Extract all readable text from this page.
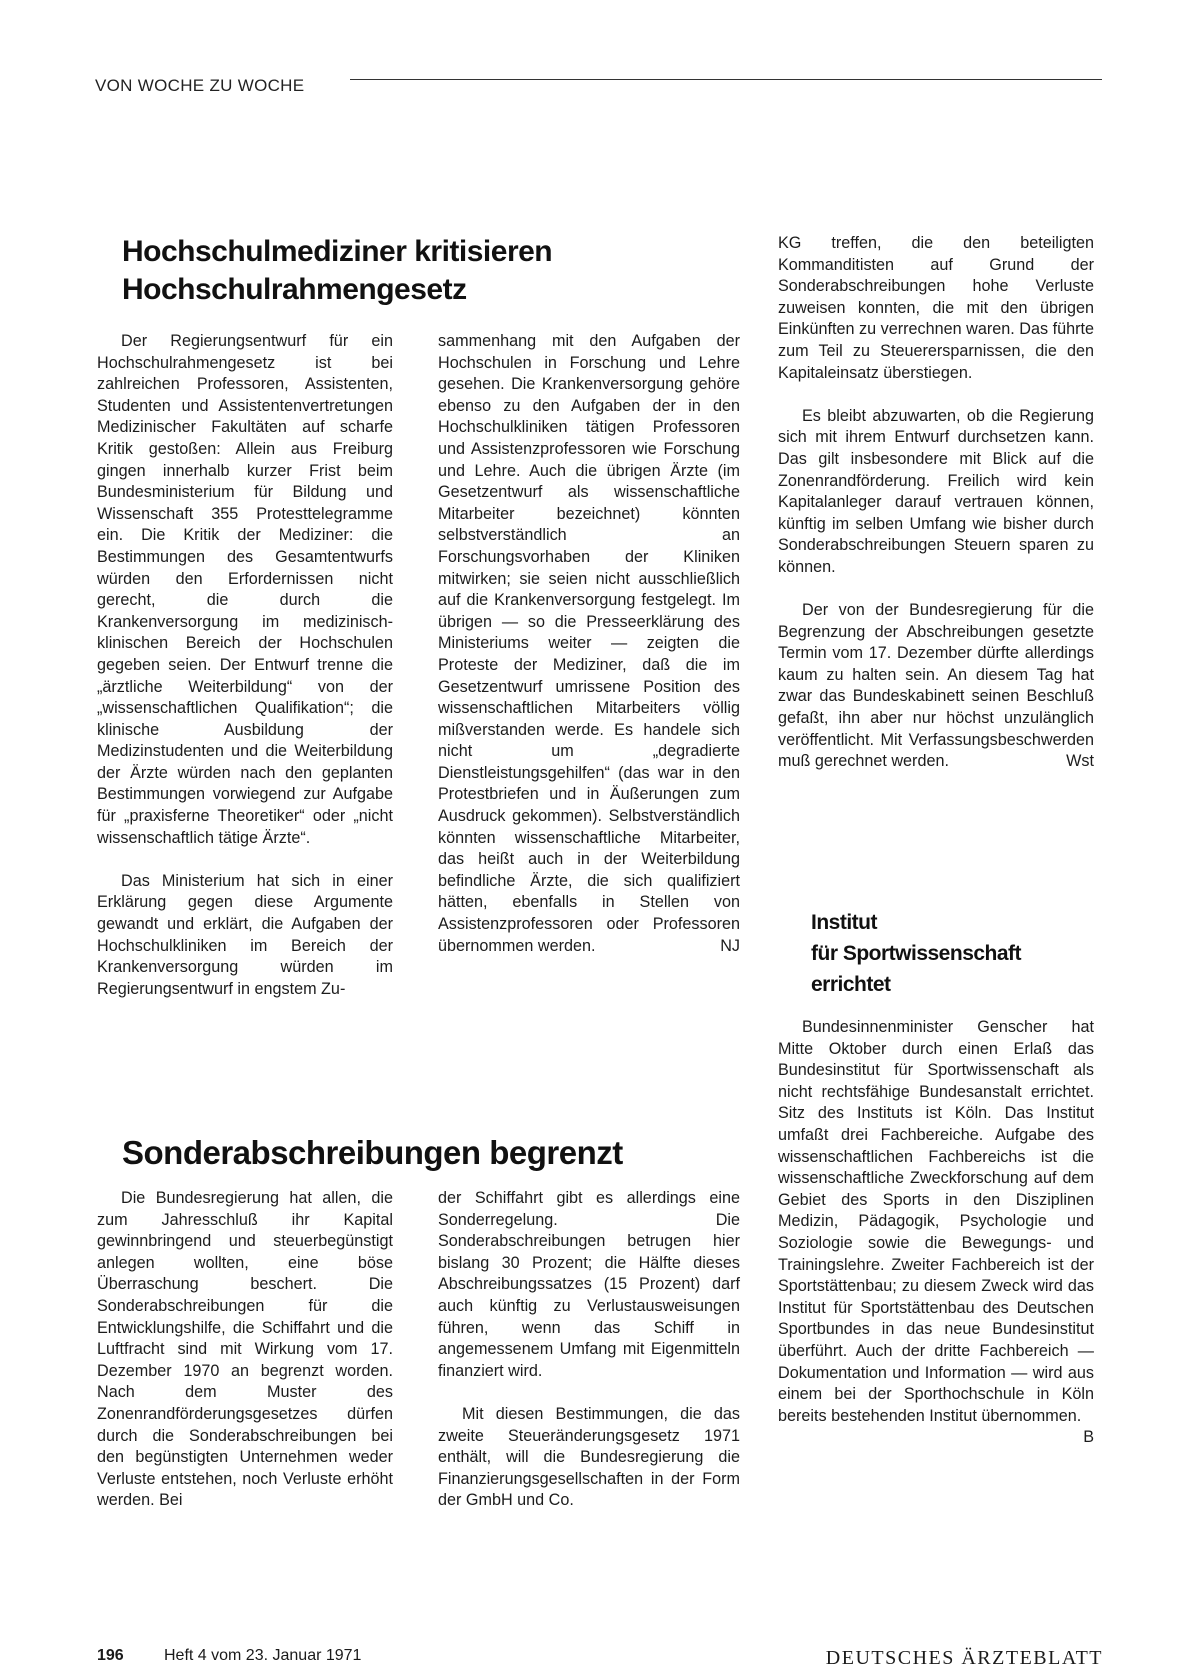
VON WOCHE ZU WOCHE
Hochschulmediziner kritisieren
Hochschulrahmengesetz

Der Regierungsentwurf für ein Hochschulrahmengesetz ist bei zahlreichen Professoren, Assistenten, Studenten und Assistentenvertretungen Medizinischer Fakultäten auf scharfe Kritik gestoßen: Allein aus Freiburg gingen innerhalb kurzer Frist beim Bundesministerium für Bildung und Wissenschaft 355 Protesttelegramme ein. Die Kritik der Mediziner: die Bestimmungen des Gesamtentwurfs würden den Erfordernissen nicht gerecht, die durch die Krankenversorgung im medizinisch-klinischen Bereich der Hochschulen gegeben seien. Der Entwurf trenne die „ärztliche Weiterbildung“ von der „wissenschaftlichen Qualifikation“; die klinische Ausbildung der Medizinstudenten und die Weiterbildung der Ärzte würden nach den geplanten Bestimmungen vorwiegend zur Aufgabe für „praxisferne Theoretiker“ oder „nicht wissenschaftlich tätige Ärzte“.

Das Ministerium hat sich in einer Erklärung gegen diese Argumente gewandt und erklärt, die Aufgaben der Hochschulkliniken im Bereich der Krankenversorgung würden im Regierungsentwurf in engstem Zu-

sammenhang mit den Aufgaben der Hochschulen in Forschung und Lehre gesehen. Die Krankenversorgung gehöre ebenso zu den Aufgaben der in den Hochschulkliniken tätigen Professoren und Assistenzprofessoren wie Forschung und Lehre. Auch die übrigen Ärzte (im Gesetzentwurf als wissenschaftliche Mitarbeiter bezeichnet) könnten selbstverständlich an Forschungsvorhaben der Kliniken mitwirken; sie seien nicht ausschließlich auf die Krankenversorgung festgelegt. Im übrigen — so die Presseerklärung des Ministeriums weiter — zeigten die Proteste der Mediziner, daß die im Gesetzentwurf umrissene Position des wissenschaftlichen Mitarbeiters völlig mißverstanden werde. Es handele sich nicht um „degradierte Dienstleistungsgehilfen“ (das war in den Protestbriefen und in Äußerungen zum Ausdruck gekommen). Selbstverständlich könnten wissenschaftliche Mitarbeiter, das heißt auch in der Weiterbildung befindliche Ärzte, die sich qualifiziert hätten, ebenfalls in Stellen von Assistenzprofessoren oder Professoren übernommen werden.	NJ

Sonderabschreibungen begrenzt

Die Bundesregierung hat allen, die zum Jahresschluß ihr Kapital gewinnbringend und steuerbegünstigt anlegen wollten, eine böse Überraschung beschert. Die Sonderabschreibungen für die Entwicklungshilfe, die Schiffahrt und die Luftfracht sind mit Wirkung vom 17. Dezember 1970 an begrenzt worden. Nach dem Muster des Zonenrandförderungsgesetzes dürfen durch die Sonderabschreibungen bei den begünstigten Unternehmen weder Verluste entstehen, noch Verluste erhöht werden. Bei

der Schiffahrt gibt es allerdings eine Sonderregelung. Die Sonderabschreibungen betrugen hier bislang 30 Prozent; die Hälfte dieses Abschreibungssatzes (15 Prozent) darf auch künftig zu Verlustausweisungen führen, wenn das Schiff in angemessenem Umfang mit Eigenmitteln finanziert wird.

Mit diesen Bestimmungen, die das zweite Steueränderungsgesetz 1971 enthält, will die Bundesregierung die Finanzierungsgesellschaften in der Form der GmbH und Co.

KG treffen, die den beteiligten Kommanditisten auf Grund der Sonderabschreibungen hohe Verluste zuweisen konnten, die mit den übrigen Einkünften zu verrechnen waren. Das führte zum Teil zu Steuerersparnissen, die den Kapitaleinsatz überstiegen.

Es bleibt abzuwarten, ob die Regierung sich mit ihrem Entwurf durchsetzen kann. Das gilt insbesondere mit Blick auf die Zonenrandförderung. Freilich wird kein Kapitalanleger darauf vertrauen können, künftig im selben Umfang wie bisher durch Sonderabschreibungen Steuern sparen zu können.

Der von der Bundesregierung für die Begrenzung der Abschreibungen gesetzte Termin vom 17. Dezember dürfte allerdings kaum zu halten sein. An diesem Tag hat zwar das Bundeskabinett seinen Beschluß gefaßt, ihn aber nur höchst unzulänglich veröffentlicht. Mit Verfassungsbeschwerden muß gerechnet werden.	Wst

Institut
für Sportwissenschaft
errichtet

Bundesinnenminister Genscher hat Mitte Oktober durch einen Erlaß das Bundesinstitut für Sportwissenschaft als nicht rechtsfähige Bundesanstalt errichtet. Sitz des Instituts ist Köln. Das Institut umfaßt drei Fachbereiche. Aufgabe des wissenschaftlichen Fachbereichs ist die wissenschaftliche Zweckforschung auf dem Gebiet des Sports in den Disziplinen Medizin, Pädagogik, Psychologie und Soziologie sowie die Bewegungs- und Trainingslehre. Zweiter Fachbereich ist der Sportstättenbau; zu diesem Zweck wird das Institut für Sportstättenbau des Deutschen Sportbundes in das neue Bundesinstitut überführt. Auch der dritte Fachbereich — Dokumentation und Information — wird aus einem bei der Sporthochschule in Köln bereits bestehenden Institut übernommen.
B

196	Heft 4 vom 23. Januar 1971	DEUTSCHES ÄRZTEBLATT
